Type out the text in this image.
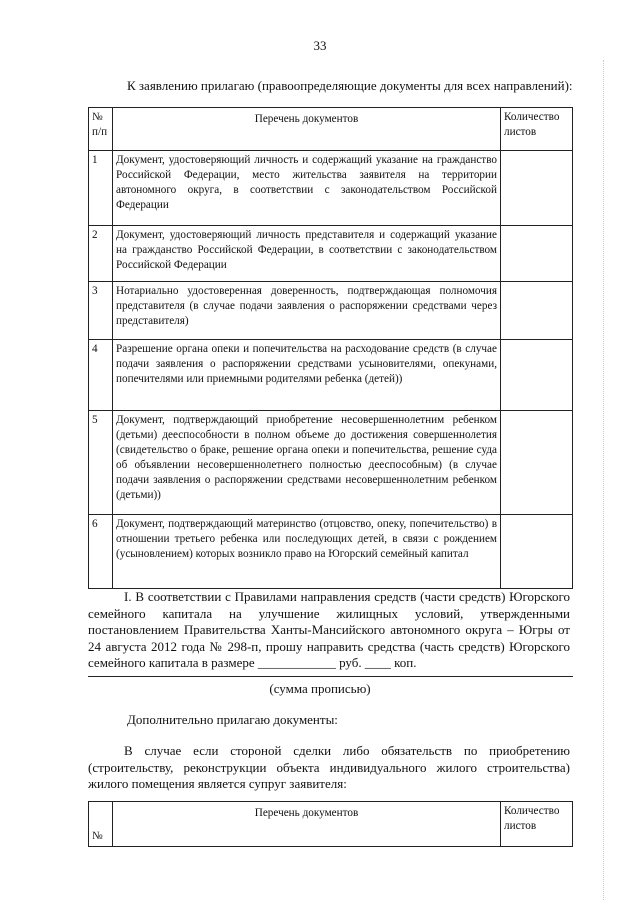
33
К заявлению прилагаю (правоопределяющие документы для всех направлений):
№ п/п	Перечень документов	Количество листов
1	Документ, удостоверяющий личность и содержащий указание на гражданство Российской Федерации, место жительства заявителя на территории автономного округа, в соответствии с законодательством Российской Федерации	
2	Документ, удостоверяющий личность представителя и содержащий указание на гражданство Российской Федерации, в соответствии с законодательством Российской Федерации	
3	Нотариально удостоверенная доверенность, подтверждающая полномочия представителя (в случае подачи заявления о распоряжении средствами через представителя)	
4	Разрешение органа опеки и попечительства на расходование средств (в случае подачи заявления о распоряжении средствами усыновителями, опекунами, попечителями или приемными родителями ребенка (детей))	
5	Документ, подтверждающий приобретение несовершеннолетним ребенком (детьми) дееспособности в полном объеме до достижения совершеннолетия (свидетельство о браке, решение органа опеки и попечительства, решение суда об объявлении несовершеннолетнего полностью дееспособным) (в случае подачи заявления о распоряжении средствами несовершеннолетним ребенком (детьми))	
6	Документ, подтверждающий материнство (отцовство, опеку, попечительство) в отношении третьего ребенка или последующих детей, в связи с рождением (усыновлением) которых возникло право на Югорский семейный капитал	
I. В соответствии с Правилами направления средств (части средств) Югорского семейного капитала на улучшение жилищных условий, утвержденными постановлением Правительства Ханты-Мансийского автономного округа – Югры от 24 августа 2012 года № 298-п, прошу направить средства (часть средств) Югорского семейного капитала в размере ____________ руб. ____ коп.
(сумма прописью)
Дополнительно прилагаю документы:
В случае если стороной сделки либо обязательств по приобретению (строительству, реконструкции объекта индивидуального жилого строительства) жилого помещения является супруг заявителя:
№	Перечень документов	Количество листов
